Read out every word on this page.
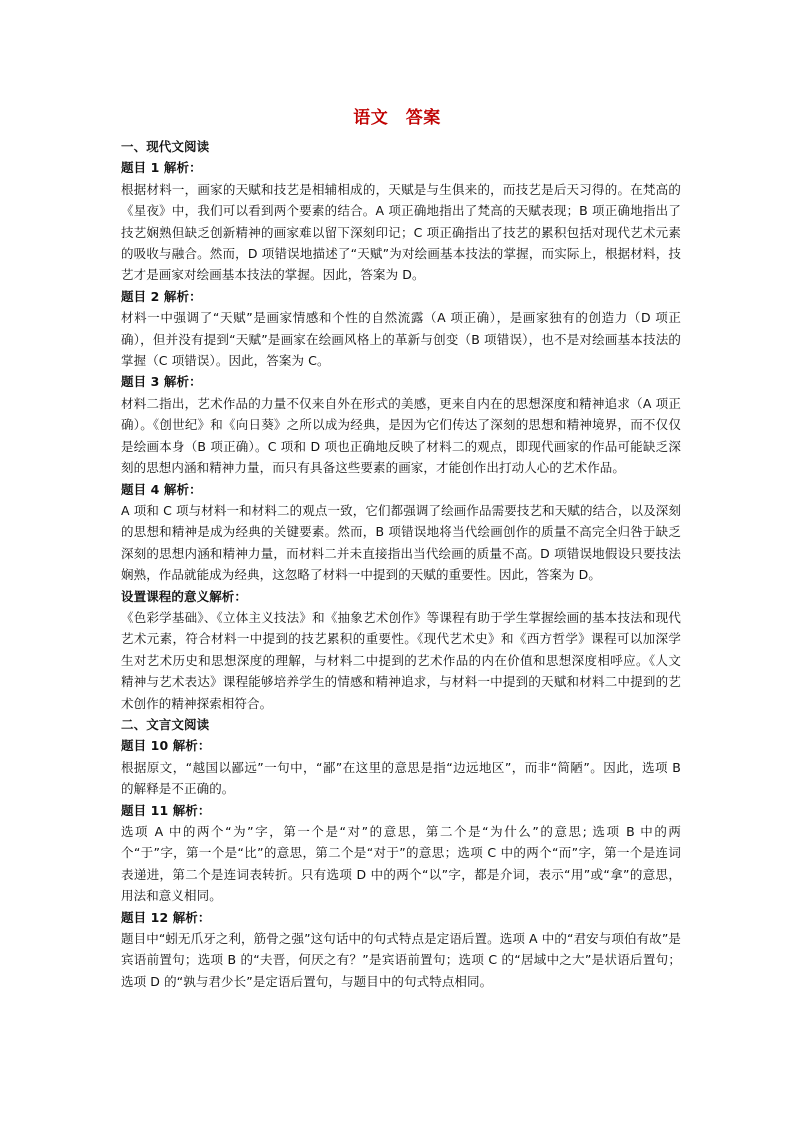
语文　答案

一、现代文阅读

题目 1 解析：

根据材料一，画家的天赋和技艺是相辅相成的，天赋是与生俱来的，而技艺是后天习得的。在梵高的《星夜》中，我们可以看到两个要素的结合。A 项正确地指出了梵高的天赋表现；B 项正确地指出了技艺娴熟但缺乏创新精神的画家难以留下深刻印记；C 项正确指出了技艺的累积包括对现代艺术元素的吸收与融合。然而，D 项错误地描述了“天赋”为对绘画基本技法的掌握，而实际上，根据材料，技艺才是画家对绘画基本技法的掌握。因此，答案为 D。

题目 2 解析：

材料一中强调了“天赋”是画家情感和个性的自然流露（A 项正确），是画家独有的创造力（D 项正确），但并没有提到“天赋”是画家在绘画风格上的革新与创变（B 项错误），也不是对绘画基本技法的掌握（C 项错误）。因此，答案为 C。

题目 3 解析：

材料二指出，艺术作品的力量不仅来自外在形式的美感，更来自内在的思想深度和精神追求（A 项正确）。《创世纪》和《向日葵》之所以成为经典，是因为它们传达了深刻的思想和精神境界，而不仅仅是绘画本身（B 项正确）。C 项和 D 项也正确地反映了材料二的观点，即现代画家的作品可能缺乏深刻的思想内涵和精神力量，而只有具备这些要素的画家，才能创作出打动人心的艺术作品。

题目 4 解析：

A 项和 C 项与材料一和材料二的观点一致，它们都强调了绘画作品需要技艺和天赋的结合，以及深刻的思想和精神是成为经典的关键要素。然而，B 项错误地将当代绘画创作的质量不高完全归咎于缺乏深刻的思想内涵和精神力量，而材料二并未直接指出当代绘画的质量不高。D 项错误地假设只要技法娴熟，作品就能成为经典，这忽略了材料一中提到的天赋的重要性。因此，答案为 D。

设置课程的意义解析：

《色彩学基础》、《立体主义技法》和《抽象艺术创作》等课程有助于学生掌握绘画的基本技法和现代艺术元素，符合材料一中提到的技艺累积的重要性。《现代艺术史》和《西方哲学》课程可以加深学生对艺术历史和思想深度的理解，与材料二中提到的艺术作品的内在价值和思想深度相呼应。《人文精神与艺术表达》课程能够培养学生的情感和精神追求，与材料一中提到的天赋和材料二中提到的艺术创作的精神探索相符合。

二、文言文阅读

题目 10 解析：

根据原文，“越国以鄙远”一句中，“鄙”在这里的意思是指“边远地区”，而非“简陋”。因此，选项 B 的解释是不正确的。

题目 11 解析：

选项 A 中的两个“为”字，第一个是“对”的意思，第二个是“为什么”的意思; 选项 B 中的两个“于”字，第一个是“比”的意思，第二个是“对于”的意思；选项 C 中的两个“而”字，第一个是连词表递进，第二个是连词表转折。只有选项 D 中的两个“以”字，都是介词，表示“用”或“拿”的意思，用法和意义相同。

题目 12 解析：

题目中“蚓无爪牙之利，筋骨之强”这句话中的句式特点是定语后置。选项 A 中的“君安与项伯有故”是宾语前置句；选项 B 的“夫晋，何厌之有？”是宾语前置句；选项 C 的“居域中之大”是状语后置句；选项 D 的“孰与君少长”是定语后置句，与题目中的句式特点相同。
